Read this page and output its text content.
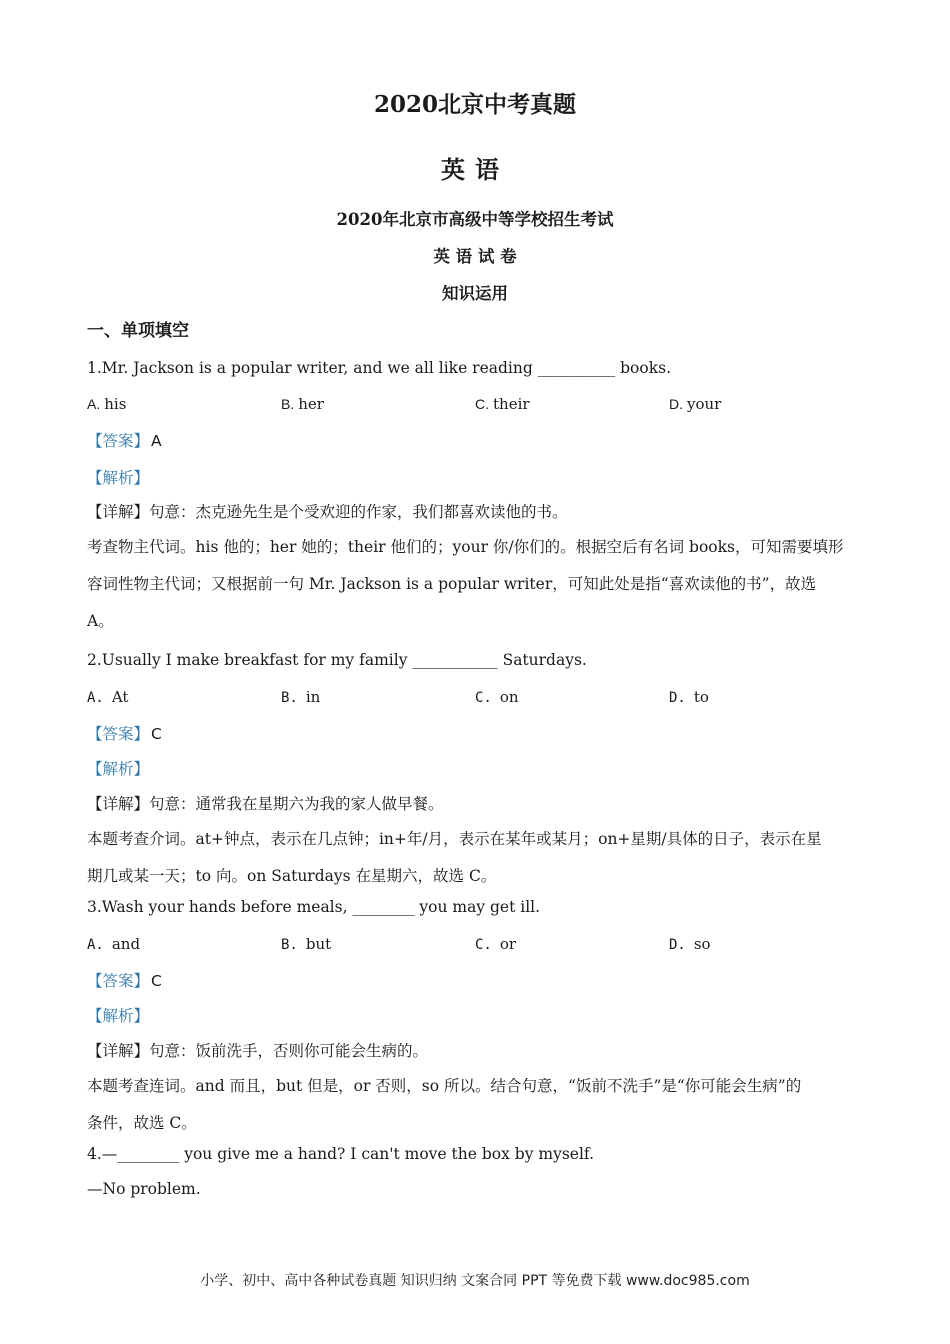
2020北京中考真题
英语
2020年北京市高级中等学校招生考试
英 语 试 卷
知识运用
一、单项填空
1.Mr. Jackson is a popular writer, and we all like reading __________ books.
A. his	B. her	C. their	D. your
【答案】 A
【解析】
【详解】句意：杰克逊先生是个受欢迎的作家，我们都喜欢读他的书。
考查物主代词。his 他的；her 她的；their 他们的；your 你/你们的。根据空后有名词 books，可知需要填形
容词性物主代词；又根据前一句 Mr. Jackson is a popular writer，可知此处是指“喜欢读他的书”，故选
A。
2.Usually I make breakfast for my family ___________ Saturdays.
A. At	B. in	C. on	D. to
【答案】 C
【解析】
【详解】句意：通常我在星期六为我的家人做早餐。
本题考查介词。at+钟点，表示在几点钟；in+年/月，表示在某年或某月；on+星期/具体的日子，表示在星
期几或某一天；to 向。on Saturdays 在星期六，故选 C。
3.Wash your hands before meals, ________ you may get ill.
A. and	B. but	C. or	D. so
【答案】 C
【解析】
【详解】句意：饭前洗手，否则你可能会生病的。
本题考查连词。and 而且，but 但是，or 否则，so 所以。结合句意，“饭前不洗手”是“你可能会生病”的
条件，故选 C。
4.—________ you give me a hand? I can't move the box by myself.
—No problem.
小学、初中、高中各种试卷真题 知识归纳 文案合同 PPT 等免费下载 www.doc985.com
